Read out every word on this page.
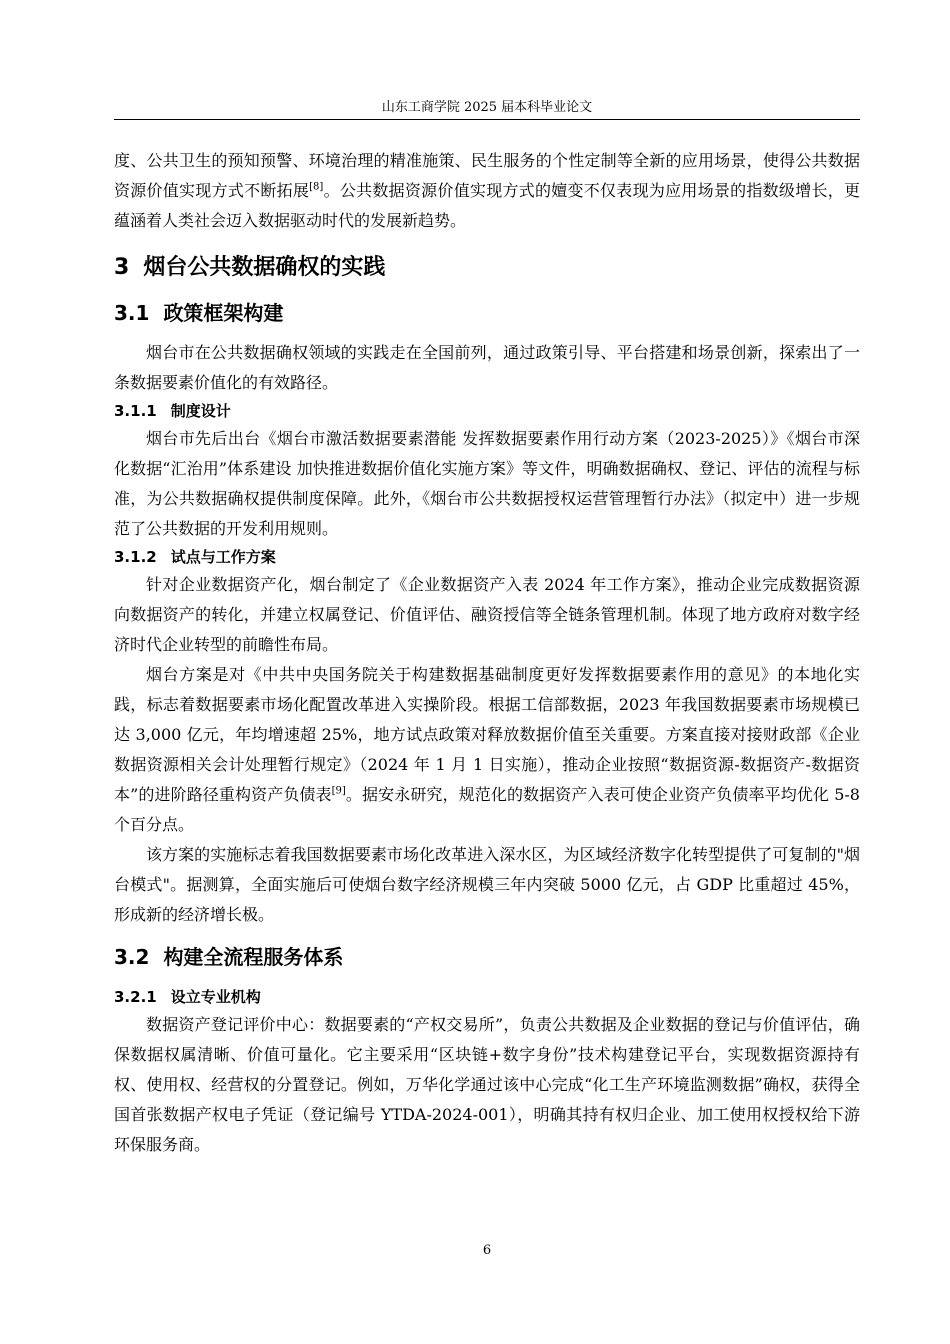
山东工商学院 2025 届本科毕业论文

度、公共卫生的预知预警、环境治理的精准施策、民生服务的个性定制等全新的应用场景，使得公共数据资源价值实现方式不断拓展[8]。公共数据资源价值实现方式的嬗变不仅表现为应用场景的指数级增长，更蕴涵着人类社会迈入数据驱动时代的发展新趋势。

3 烟台公共数据确权的实践
3.1 政策框架构建

烟台市在公共数据确权领域的实践走在全国前列，通过政策引导、平台搭建和场景创新，探索出了一条数据要素价值化的有效路径。

3.1.1 制度设计

烟台市先后出台《烟台市激活数据要素潜能 发挥数据要素作用行动方案（2023-2025）》《烟台市深化数据“汇治用”体系建设 加快推进数据价值化实施方案》等文件，明确数据确权、登记、评估的流程与标准，为公共数据确权提供制度保障。此外，《烟台市公共数据授权运营管理暂行办法》（拟定中）进一步规范了公共数据的开发利用规则。

3.1.2 试点与工作方案

针对企业数据资产化，烟台制定了《企业数据资产入表 2024 年工作方案》，推动企业完成数据资源向数据资产的转化，并建立权属登记、价值评估、融资授信等全链条管理机制。体现了地方政府对数字经济时代企业转型的前瞻性布局。

烟台方案是对《中共中央国务院关于构建数据基础制度更好发挥数据要素作用的意见》的本地化实践，标志着数据要素市场化配置改革进入实操阶段。根据工信部数据，2023 年我国数据要素市场规模已达 3,000 亿元，年均增速超 25%，地方试点政策对释放数据价值至关重要。方案直接对接财政部《企业数据资源相关会计处理暂行规定》（2024 年 1 月 1 日实施），推动企业按照“数据资源-数据资产-数据资本”的进阶路径重构资产负债表[9]。据安永研究，规范化的数据资产入表可使企业资产负债率平均优化 5-8 个百分点。

该方案的实施标志着我国数据要素市场化改革进入深水区，为区域经济数字化转型提供了可复制的"烟台模式"。据测算，全面实施后可使烟台数字经济规模三年内突破 5000 亿元，占 GDP 比重超过 45%，形成新的经济增长极。

3.2 构建全流程服务体系
3.2.1 设立专业机构

数据资产登记评价中心：数据要素的“产权交易所”，负责公共数据及企业数据的登记与价值评估，确保数据权属清晰、价值可量化。它主要采用“区块链+数字身份”技术构建登记平台，实现数据资源持有权、使用权、经营权的分置登记。例如，万华化学通过该中心完成“化工生产环境监测数据”确权，获得全国首张数据产权电子凭证（登记编号 YTDA-2024-001），明确其持有权归企业、加工使用权授权给下游环保服务商。

6
